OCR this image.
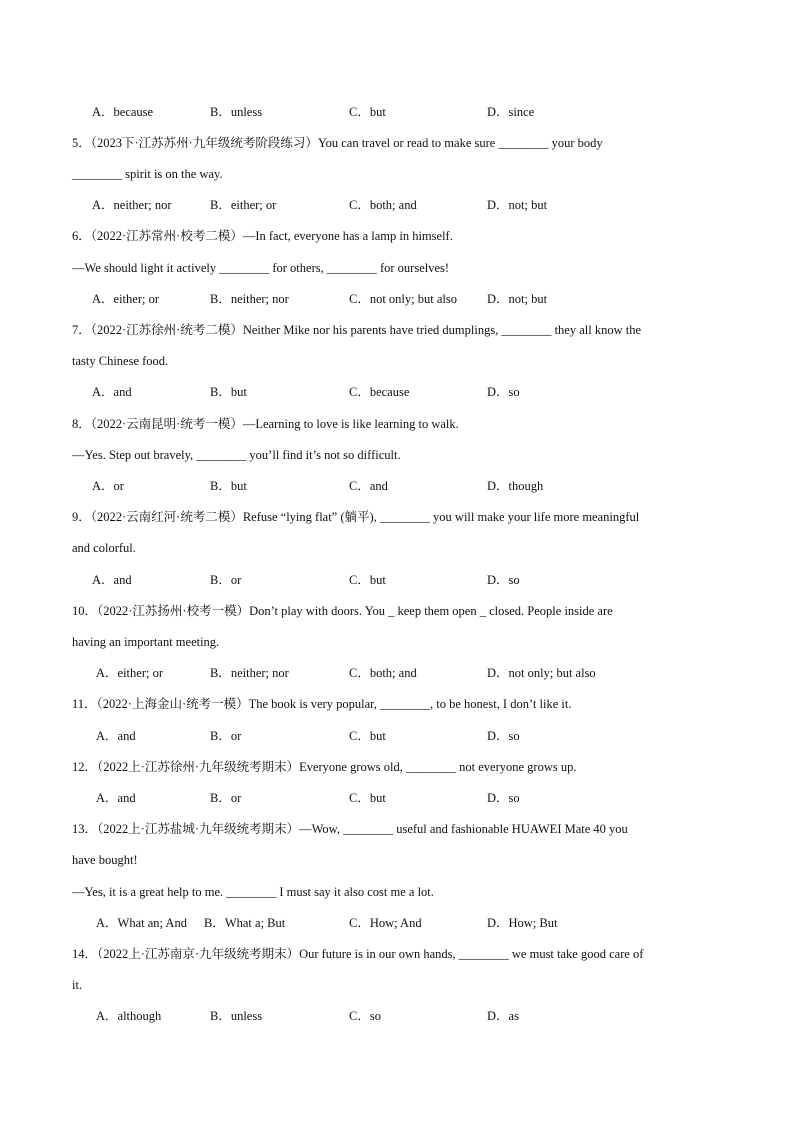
A．because	B．unless	C．but	D．since
5．（2023下·江苏苏州·九年级统考阶段练习）You can travel or read to make sure ________ your body
________ spirit is on the way.
A．neither; nor	B．either; or	C．both; and	D．not; but
6．（2022·江苏常州·校考二模）—In fact, everyone has a lamp in himself.
—We should light it actively ________ for others, ________ for ourselves!
A．either; or	B．neither; nor	C．not only; but also D．not; but
7．（2022·江苏徐州·统考二模）Neither Mike nor his parents have tried dumplings, ________ they all know the
tasty Chinese food.
A．and	B．but	C．because	D．so
8．（2022·云南昆明·统考一模）—Learning to love is like learning to walk.
—Yes. Step out bravely, ________ you’ll find it’s not so difficult.
A．or	B．but	C．and	D．though
9．（2022·云南红河·统考二模）Refuse “lying flat” (躺平), ________ you will make your life more meaningful
and colorful.
A．and	B．or	C．but	D．so
10．（2022·江苏扬州·校考一模）Don’t play with doors. You _ keep them open _ closed. People inside are
having an important meeting.
A．either; or	B．neither; nor	C．both; and	D．not only; but also
11．（2022·上海金山·统考一模）The book is very popular, ________, to be honest, I don’t like it.
A．and	B．or	C．but	D．so
12．（2022上·江苏徐州·九年级统考期末）Everyone grows old, ________ not everyone grows up.
A．and	B．or	C．but	D．so
13．（2022上·江苏盐城·九年级统考期末）—Wow, ________ useful and fashionable HUAWEI Mate 40 you
have bought!
—Yes, it is a great help to me. ________ I must say it also cost me a lot.
A．What an; And B．What a; But	C．How; And	D．How; But
14．（2022上·江苏南京·九年级统考期末）Our future is in our own hands, ________ we must take good care of
it.
A．although	B．unless	C．so	D．as
